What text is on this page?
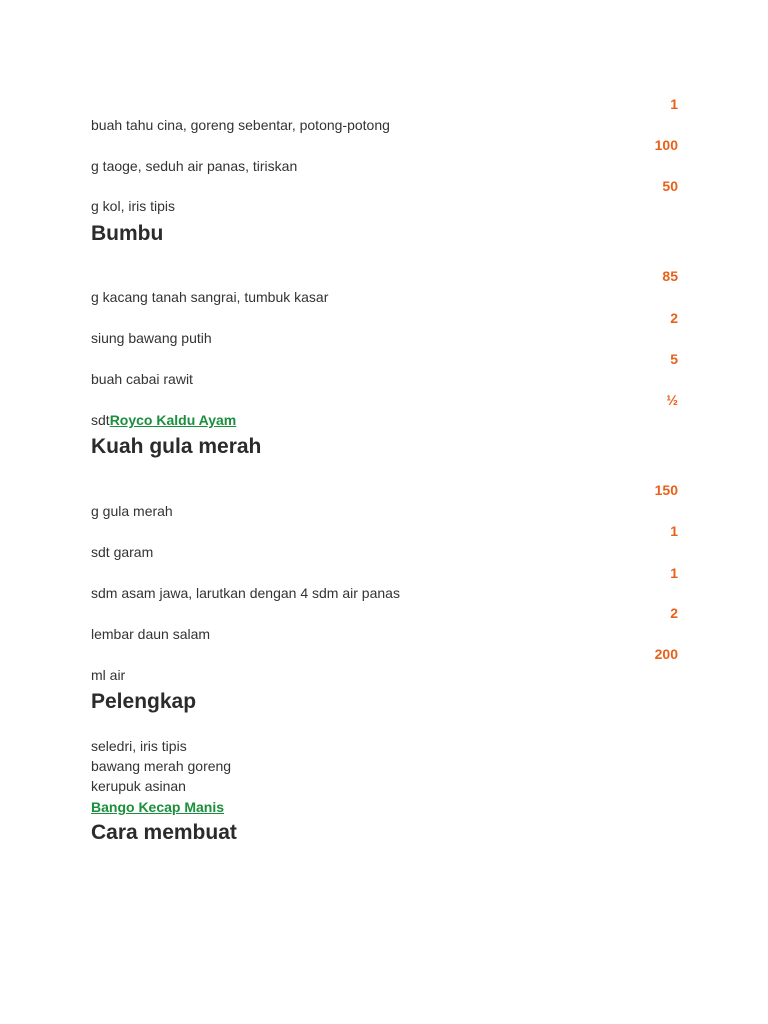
1
buah tahu cina, goreng sebentar, potong-potong
100
g taoge, seduh air panas, tiriskan
50
g kol, iris tipis
Bumbu
85
g kacang tanah sangrai, tumbuk kasar
2
siung bawang putih
5
buah cabai rawit
½
sdtRoyco Kaldu Ayam
Kuah gula merah
150
g gula merah
1
sdt garam
1
sdm asam jawa, larutkan dengan 4 sdm air panas
2
lembar daun salam
200
ml air
Pelengkap
seledri, iris tipis
bawang merah goreng
kerupuk asinan
Bango Kecap Manis
Cara membuat
